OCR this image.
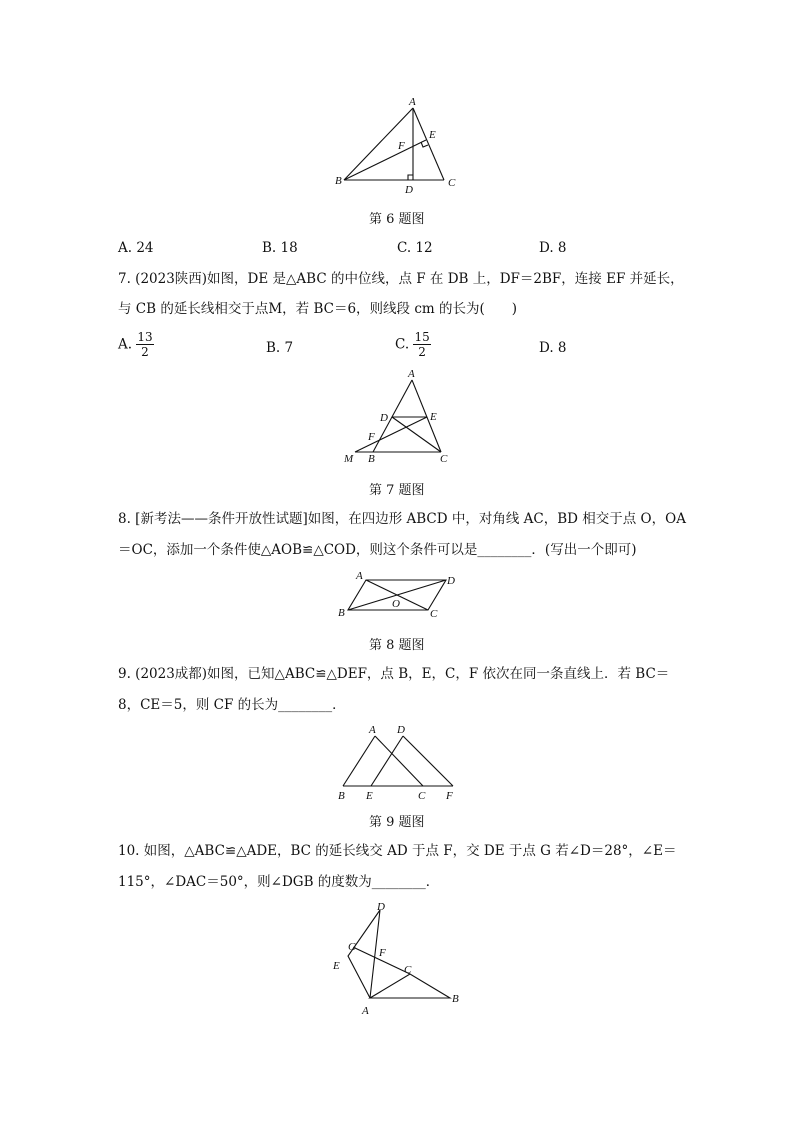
A
E
F
B
D
C
第 6 题图
A. 24	B. 18	C. 12	D. 8
7. (2023陕西)如图，DE 是△ABC 的中位线，点 F 在 DB 上，DF＝2BF，连接 EF 并延长，
与 CB 的延长线相交于点M，若 BC＝6，则线段 cm 的长为(　　)
A. $\frac{13}{2}$	B. 7	C. $\frac{15}{2}$	D. 8
A
D	E
F
M B	C
第 7 题图
8. [新考法——条件开放性试题]如图，在四边形 ABCD 中，对角线 AC，BD 相交于点 O，OA
＝OC，添加一个条件使△AOB≌△COD，则这个条件可以是________．(写出一个即可)
A	D
O
B	C
第 8 题图
9. (2023成都)如图，已知△ABC≌△DEF，点 B，E，C，F 依次在同一条直线上．若 BC＝
8，CE＝5，则 CF 的长为________．
A D
B E	C F
第 9 题图
10. 如图，△ABC≌△ADE，BC 的延长线交 AD 于点 F，交 DE 于点 G 若∠D＝28°，∠E＝
115°，∠DAC＝50°，则∠DGB 的度数为________．
D
G F
E	C
A
B
